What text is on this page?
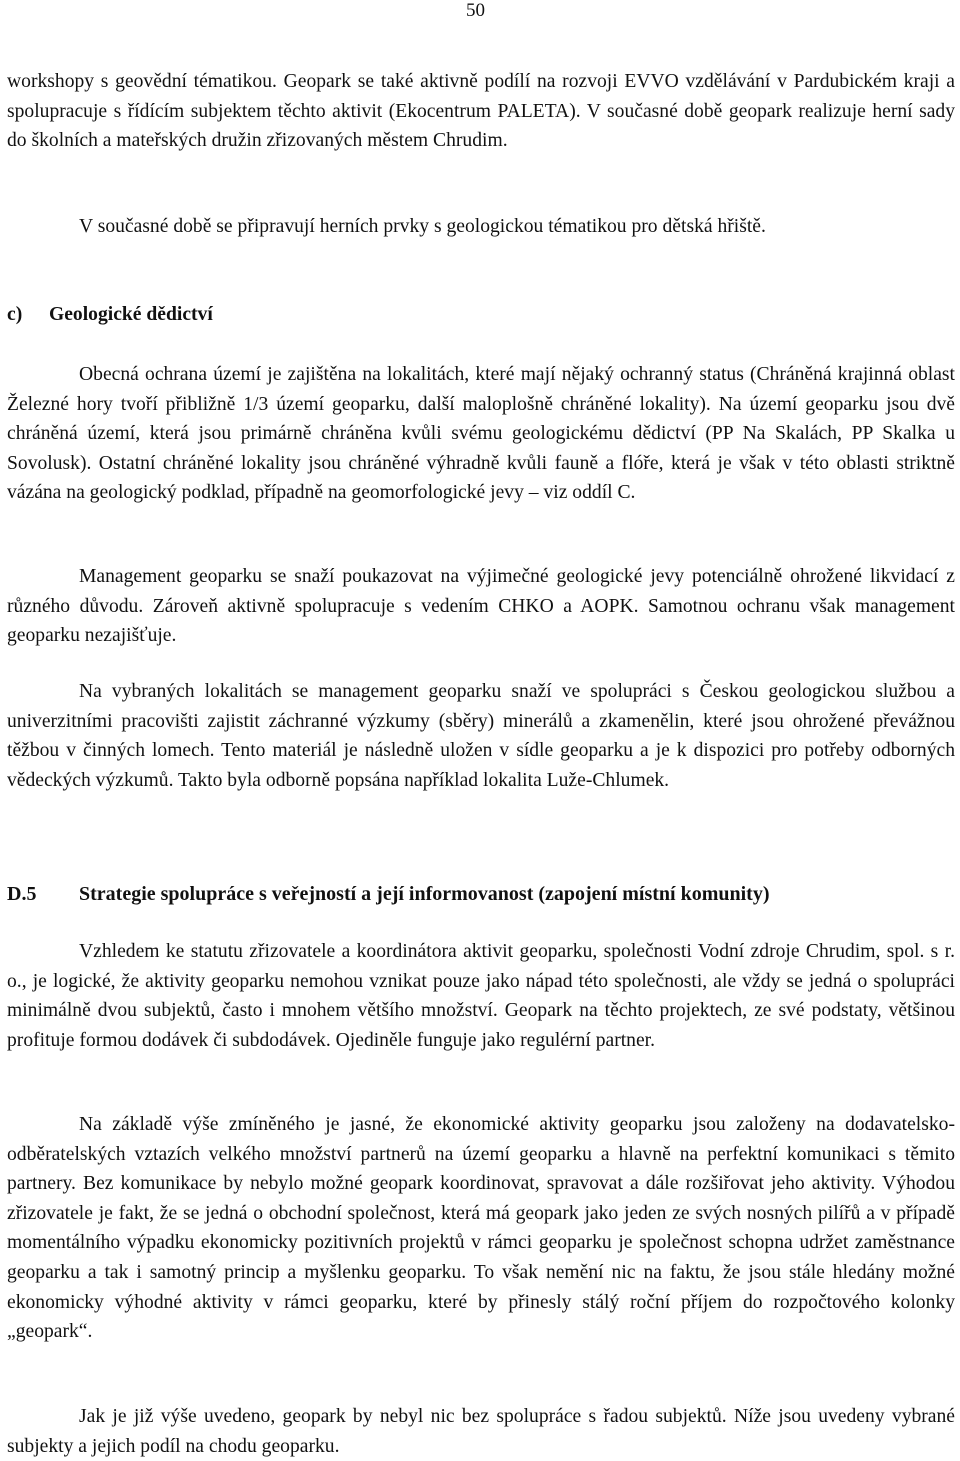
50

workshopy s geovědní tématikou. Geopark se také aktivně podílí na rozvoji EVVO vzdělávání v Pardubickém kraji a spolupracuje s řídícím subjektem těchto aktivit (Ekocentrum PALETA). V současné době geopark realizuje herní sady do školních a mateřských družin zřizovaných městem Chrudim.

V současné době se připravují herních prvky s geologickou tématikou pro dětská hřiště.

c) Geologické dědictví

Obecná ochrana území je zajištěna na lokalitách, které mají nějaký ochranný status (Chráněná krajinná oblast Železné hory tvoří přibližně 1/3 území geoparku, další maloplošně chráněné lokality). Na území geoparku jsou dvě chráněná území, která jsou primárně chráněna kvůli svému geologickému dědictví (PP Na Skalách, PP Skalka u Sovolusk). Ostatní chráněné lokality jsou chráněné výhradně kvůli fauně a flóře, která je však v této oblasti striktně vázána na geologický podklad, případně na geomorfologické jevy – viz oddíl C.

Management geoparku se snaží poukazovat na výjimečné geologické jevy potenciálně ohrožené likvidací z různého důvodu. Zároveň aktivně spolupracuje s vedením CHKO a AOPK. Samotnou ochranu však management geoparku nezajišťuje.

Na vybraných lokalitách se management geoparku snaží ve spolupráci s Českou geologickou službou a univerzitními pracovišti zajistit záchranné výzkumy (sběry) minerálů a zkamenělin, které jsou ohrožené převážnou těžbou v činných lomech. Tento materiál je následně uložen v sídle geoparku a je k dispozici pro potřeby odborných vědeckých výzkumů. Takto byla odborně popsána například lokalita Luže-Chlumek.

D.5 Strategie spolupráce s veřejností a její informovanost (zapojení místní komunity)

Vzhledem ke statutu zřizovatele a koordinátora aktivit geoparku, společnosti Vodní zdroje Chrudim, spol. s r. o., je logické, že aktivity geoparku nemohou vznikat pouze jako nápad této společnosti, ale vždy se jedná o spolupráci minimálně dvou subjektů, často i mnohem většího množství. Geopark na těchto projektech, ze své podstaty, většinou profituje formou dodávek či subdodávek. Ojediněle funguje jako regulérní partner.

Na základě výše zmíněného je jasné, že ekonomické aktivity geoparku jsou založeny na dodavatelsko-odběratelských vztazích velkého množství partnerů na území geoparku a hlavně na perfektní komunikaci s těmito partnery. Bez komunikace by nebylo možné geopark koordinovat, spravovat a dále rozšiřovat jeho aktivity. Výhodou zřizovatele je fakt, že se jedná o obchodní společnost, která má geopark jako jeden ze svých nosných pilířů a v případě momentálního výpadku ekonomicky pozitivních projektů v rámci geoparku je společnost schopna udržet zaměstnance geoparku a tak i samotný princip a myšlenku geoparku. To však nemění nic na faktu, že jsou stále hledány možné ekonomicky výhodné aktivity v rámci geoparku, které by přinesly stálý roční příjem do rozpočtového kolonky „geopark“.

Jak je již výše uvedeno, geopark by nebyl nic bez spolupráce s řadou subjektů. Níže jsou uvedeny vybrané subjekty a jejich podíl na chodu geoparku.
